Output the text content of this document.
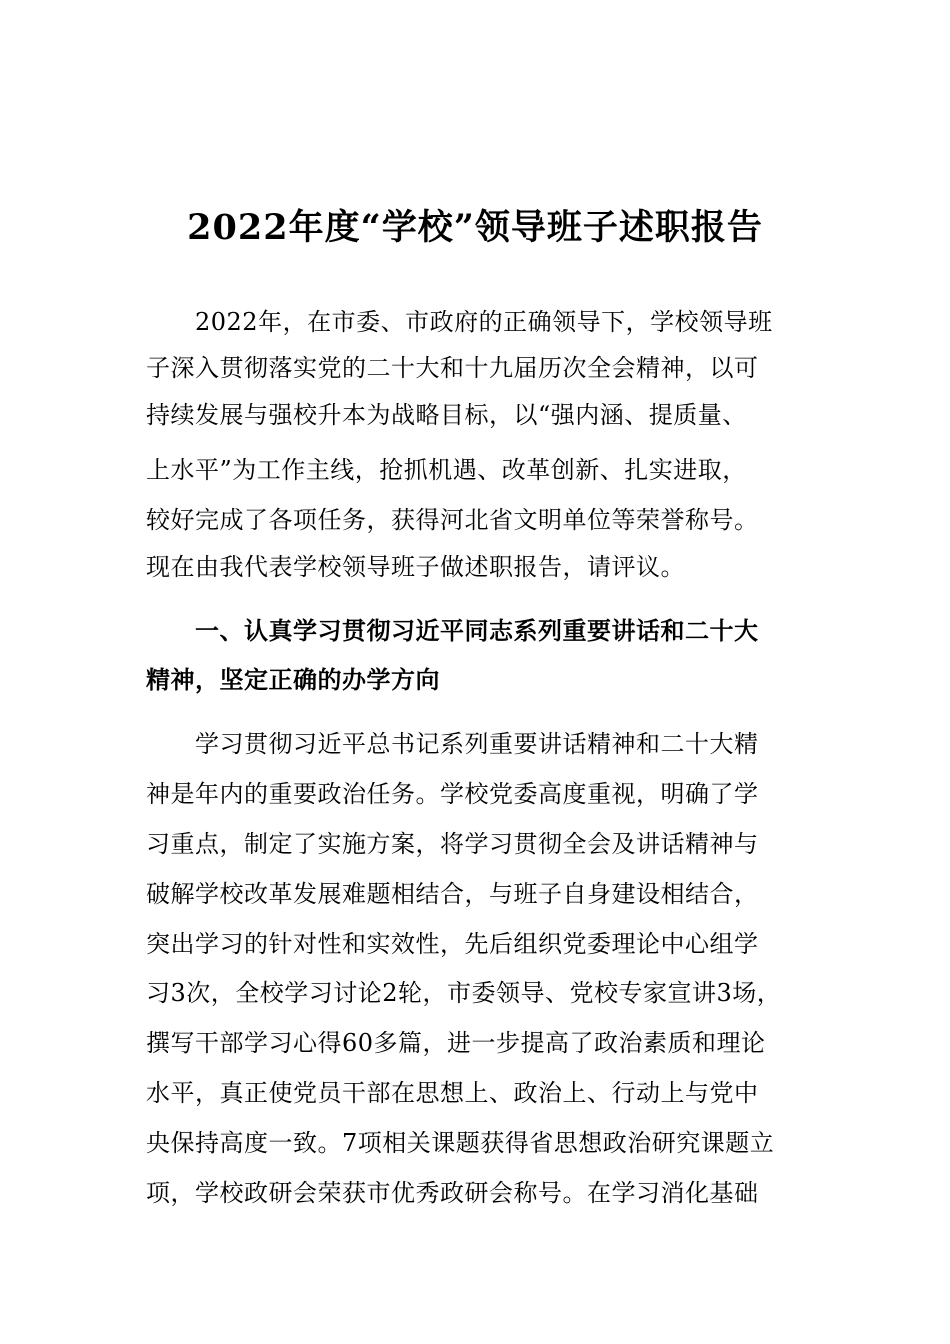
2022年度“学校”领导班子述职报告
2022年，在市委、市政府的正确领导下，学校领导班
子深入贯彻落实党的二十大和十九届历次全会精神，以可
持续发展与强校升本为战略目标，以“强内涵、提质量、
上水平”为工作主线，抢抓机遇、改革创新、扎实进取，
较好完成了各项任务，获得河北省文明单位等荣誉称号。
现在由我代表学校领导班子做述职报告，请评议。
一、认真学习贯彻习近平同志系列重要讲话和二十大
精神，坚定正确的办学方向
学习贯彻习近平总书记系列重要讲话精神和二十大精
神是年内的重要政治任务。学校党委高度重视，明确了学
习重点，制定了实施方案，将学习贯彻全会及讲话精神与
破解学校改革发展难题相结合，与班子自身建设相结合，
突出学习的针对性和实效性，先后组织党委理论中心组学
习3次，全校学习讨论2轮，市委领导、党校专家宣讲3场，
撰写干部学习心得60多篇，进一步提高了政治素质和理论
水平，真正使党员干部在思想上、政治上、行动上与党中
央保持高度一致。7项相关课题获得省思想政治研究课题立
项，学校政研会荣获市优秀政研会称号。在学习消化基础
